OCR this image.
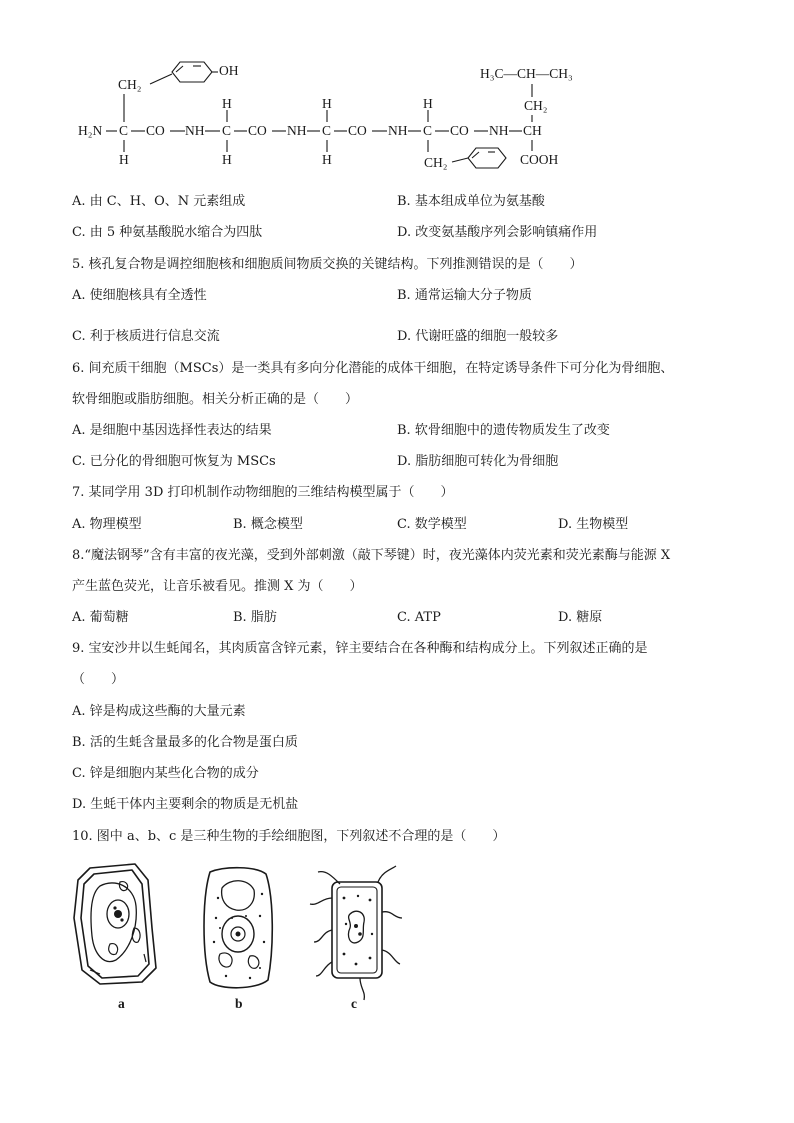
CH₂
OH	H₃C—CH—CH₃
CH₂
H	H	H
H₂N C CO NH C CO NH C CO NH C CO NH CH
H	H	H	CH₂	COOH
A. 由 C、H、O、N 元素组成	B. 基本组成单位为氨基酸
C. 由 5 种氨基酸脱水缩合为四肽	D. 改变氨基酸序列会影响镇痛作用
5. 核孔复合物是调控细胞核和细胞质间物质交换的关键结构。下列推测错误的是（　　）
A. 使细胞核具有全透性	B. 通常运输大分子物质
C. 利于核质进行信息交流	D. 代谢旺盛的细胞一般较多
6. 间充质干细胞（MSCs）是一类具有多向分化潜能的成体干细胞，在特定诱导条件下可分化为骨细胞、
软骨细胞或脂肪细胞。相关分析正确的是（　　）
A. 是细胞中基因选择性表达的结果	B. 软骨细胞中的遗传物质发生了改变
C. 已分化的骨细胞可恢复为 MSCs	D. 脂肪细胞可转化为骨细胞
7. 某同学用 3D 打印机制作动物细胞的三维结构模型属于（　　）
A. 物理模型	B. 概念模型	C. 数学模型	D. 生物模型
8.“魔法钢琴”含有丰富的夜光藻，受到外部刺激（敲下琴键）时，夜光藻体内荧光素和荧光素酶与能源 X
产生蓝色荧光，让音乐被看见。推测 X 为（　　）
A. 葡萄糖	B. 脂肪	C. ATP	D. 糖原
9. 宝安沙井以生蚝闻名，其肉质富含锌元素，锌主要结合在各种酶和结构成分上。下列叙述正确的是
（　　）
A. 锌是构成这些酶的大量元素
B. 活的生蚝含量最多的化合物是蛋白质
C. 锌是细胞内某些化合物的成分
D. 生蚝干体内主要剩余的物质是无机盐
10. 图中 a、b、c 是三种生物的手绘细胞图，下列叙述不合理的是（　　）
a	b	c
